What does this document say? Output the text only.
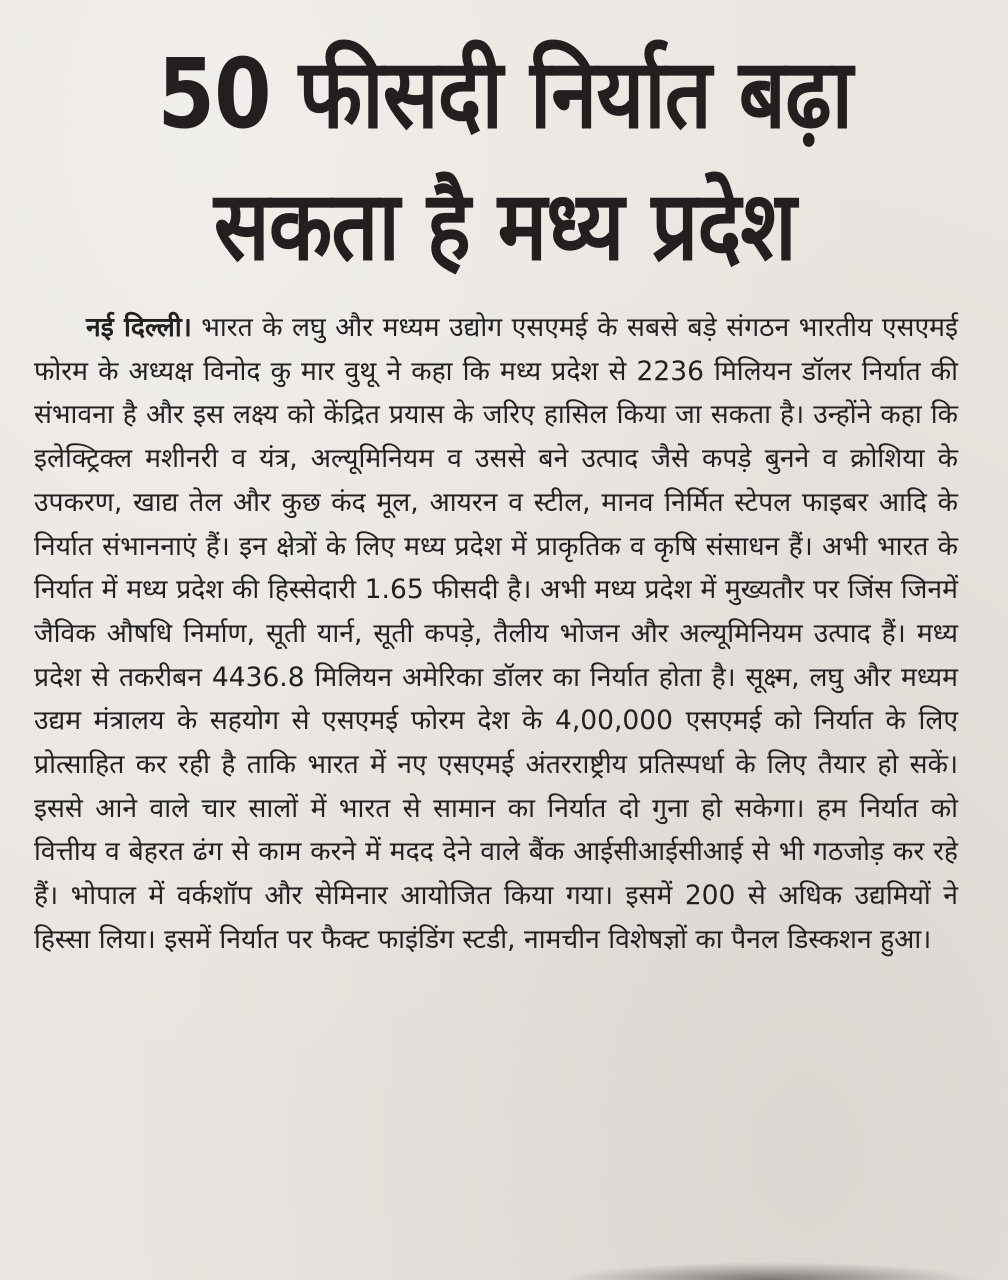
50 फीसदी निर्यात बढ़ा
सकता है मध्य प्रदेश

नई दिल्ली। भारत के लघु और मध्यम उद्योग एसएमई के सबसे बड़े संगठन भारतीय एसएमई फोरम के अध्यक्ष विनोद कु मार वुथू ने कहा कि मध्य प्रदेश से 2236 मिलियन डॉलर निर्यात की संभावना है और इस लक्ष्य को केंद्रित प्रयास के जरिए हासिल किया जा सकता है। उन्होंने कहा कि इलेक्ट्रिक्ल मशीनरी व यंत्र, अल्यूमिनियम व उससे बने उत्पाद जैसे कपड़े बुनने व क्रोशिया के उपकरण, खाद्य तेल और कुछ कंद मूल, आयरन व स्टील, मानव निर्मित स्टेपल फाइबर आदि के निर्यात संभाननाएं हैं। इन क्षेत्रों के लिए मध्य प्रदेश में प्राकृतिक व कृषि संसाधन हैं। अभी भारत के निर्यात में मध्य प्रदेश की हिस्सेदारी 1.65 फीसदी है। अभी मध्य प्रदेश में मुख्यतौर पर जिंस जिनमें जैविक औषधि निर्माण, सूती यार्न, सूती कपड़े, तैलीय भोजन और अल्यूमिनियम उत्पाद हैं। मध्य प्रदेश से तकरीबन 4436.8 मिलियन अमेरिका डॉलर का निर्यात होता है। सूक्ष्म, लघु और मध्यम उद्यम मंत्रालय के सहयोग से एसएमई फोरम देश के 4,00,000 एसएमई को निर्यात के लिए प्रोत्साहित कर रही है ताकि भारत में नए एसएमई अंतरराष्ट्रीय प्रतिस्पर्धा के लिए तैयार हो सकें। इससे आने वाले चार सालों में भारत से सामान का निर्यात दो गुना हो सकेगा। हम निर्यात को वित्तीय व बेहरत ढंग से काम करने में मदद देने वाले बैंक आईसीआईसीआई से भी गठजोड़ कर रहे हैं। भोपाल में वर्कशॉप और सेमिनार आयोजित किया गया। इसमें 200 से अधिक उद्यमियों ने हिस्सा लिया। इसमें निर्यात पर फैक्ट फाइंडिंग स्टडी, नामचीन विशेषज्ञों का पैनल डिस्कशन हुआ।
